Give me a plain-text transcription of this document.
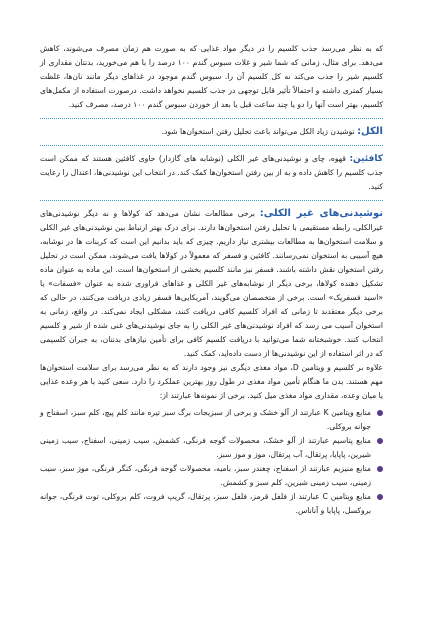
که به نظر می‌رسد جذب کلسیم را در دیگر مواد غذایی که به صورت هم زمان مصرف می‌شوند، کاهش می‌دهد. برای مثال، زمانی که شما شیر و غلات سبوس گندم ۱۰۰ درصد را با هم می‌خورید، بدنتان مقداری از کلسیم شیر را جذب می‌کند نه کل کلسیم آن را. سبوس گندم موجود در غذاهای دیگر مانند نان‌ها، غلظت بسیار کمتری داشته و احتمالاً تأثیر قابل توجهی در جذب کلسیم نخواهد داشت. درصورت استفاده از مکمل‌های کلسیم، بهتر است آنها را دو یا چند ساعت قبل یا بعد از خوردن سبوس گندم ۱۰۰ درصد، مصرف کنید.

الکل: نوشیدن زیاد الکل می‌تواند باعث تحلیل رفتن استخوان‌ها شود.

کافئین: قهوه، چای و نوشیدنی‌های غیر الکلی (نوشابه های گازدار) حاوی کافئین هستند که ممکن است جذب کلسیم را کاهش داده و به از بین رفتن استخوان‌ها کمک کند. در انتخاب این نوشیدنی‌ها، اعتدال را رعایت کنید.

نوشیدنی‌های غیر الکلی: برخی مطالعات نشان می‌دهد که کولاها و نه دیگر نوشیدنی‌های غیرالکلی، رابطه مستقیمی با تحلیل رفتن استخوان‌ها دارند. برای درک بهتر ارتباط بین نوشیدنی‌های غیر الکلی و سلامت استخوان‌ها به مطالعات بیشتری نیاز داریم. چیزی که باید بدانیم این است که کربنات ها در نوشابه، هیچ آسیبی به استخوان نمی‌رسانند. کافئین و فسفر که معمولاً در کولاها یافت می‌شوند، ممکن است در تحلیل رفتن استخوان نقش داشته باشند. فسفر نیز مانند کلسیم بخشی از استخوان‌ها است. این ماده به عنوان ماده تشکیل دهنده کولاها، برخی دیگر از نوشابه‌های غیر الکلی و غذاهای فراوری شده به عنوان «فسفات» یا «اسید فسفریک» است. برخی از متخصصان می‌گویند، آمریکایی‌ها فسفر زیادی دریافت می‌کنند، در حالی که برخی دیگر معتقدند تا زمانی که افراد کلسیم کافی دریافت کنند، مشکلی ایجاد نمی‌کند. در واقع، زمانی به استخوان آسیب می رسد که افراد نوشیدنی‌های غیر الکلی را به جای نوشیدنی‌های غنی شده از شیر و کلسیم انتخاب کنند. خوشبختانه شما می‌توانید با دریافت کلسیم کافی برای تأمین نیازهای بدنتان، به جبران کلسیمی که در اثر استفاده از این نوشیدنی‌ها از دست داده‌اید، کمک کنید.

علاوه بر کلسیم و ویتامین D، مواد مغذی دیگری نیز وجود دارند که به نظر می‌رسد برای سلامت استخوان‌ها مهم هستند. بدن ما هنگام تأمین مواد مغذی در طول روز بهترین عملکرد را دارد. سعی کنید با هر وعده غذایی یا میان وعده، مقداری مواد مغذی میل کنید. برخی از نمونه‌ها عبارتند از:

منابع ویتامین K عبارتند از آلو خشک و برخی از سبزیجات برگ سبز تیره مانند کلم پیچ، کلم سبز، اسفناج و جوانه بروکلی.
منابع پتاسیم عبارتند از آلو خشک، محصولات گوجه فرنگی، کشمش، سیب زمینی، اسفناج، سیب زمینی شیرین، پاپایا، پرتقال، آب پرتقال، موز و موز سبز.
منابع منیزیم عبارتند از اسفناج، چغندر سبز، بامیه، محصولات گوجه فرنگی، کنگر فرنگی، موز سبز، سیب زمینی، سیب زمینی شیرین، کلم سبز و کشمش.
منابع ویتامین C عبارتند از فلفل قرمز، فلفل سبز، پرتقال، گریپ فروت، کلم بروکلی، توت فرنگی، جوانه بروکسل، پاپایا و آناناس.
